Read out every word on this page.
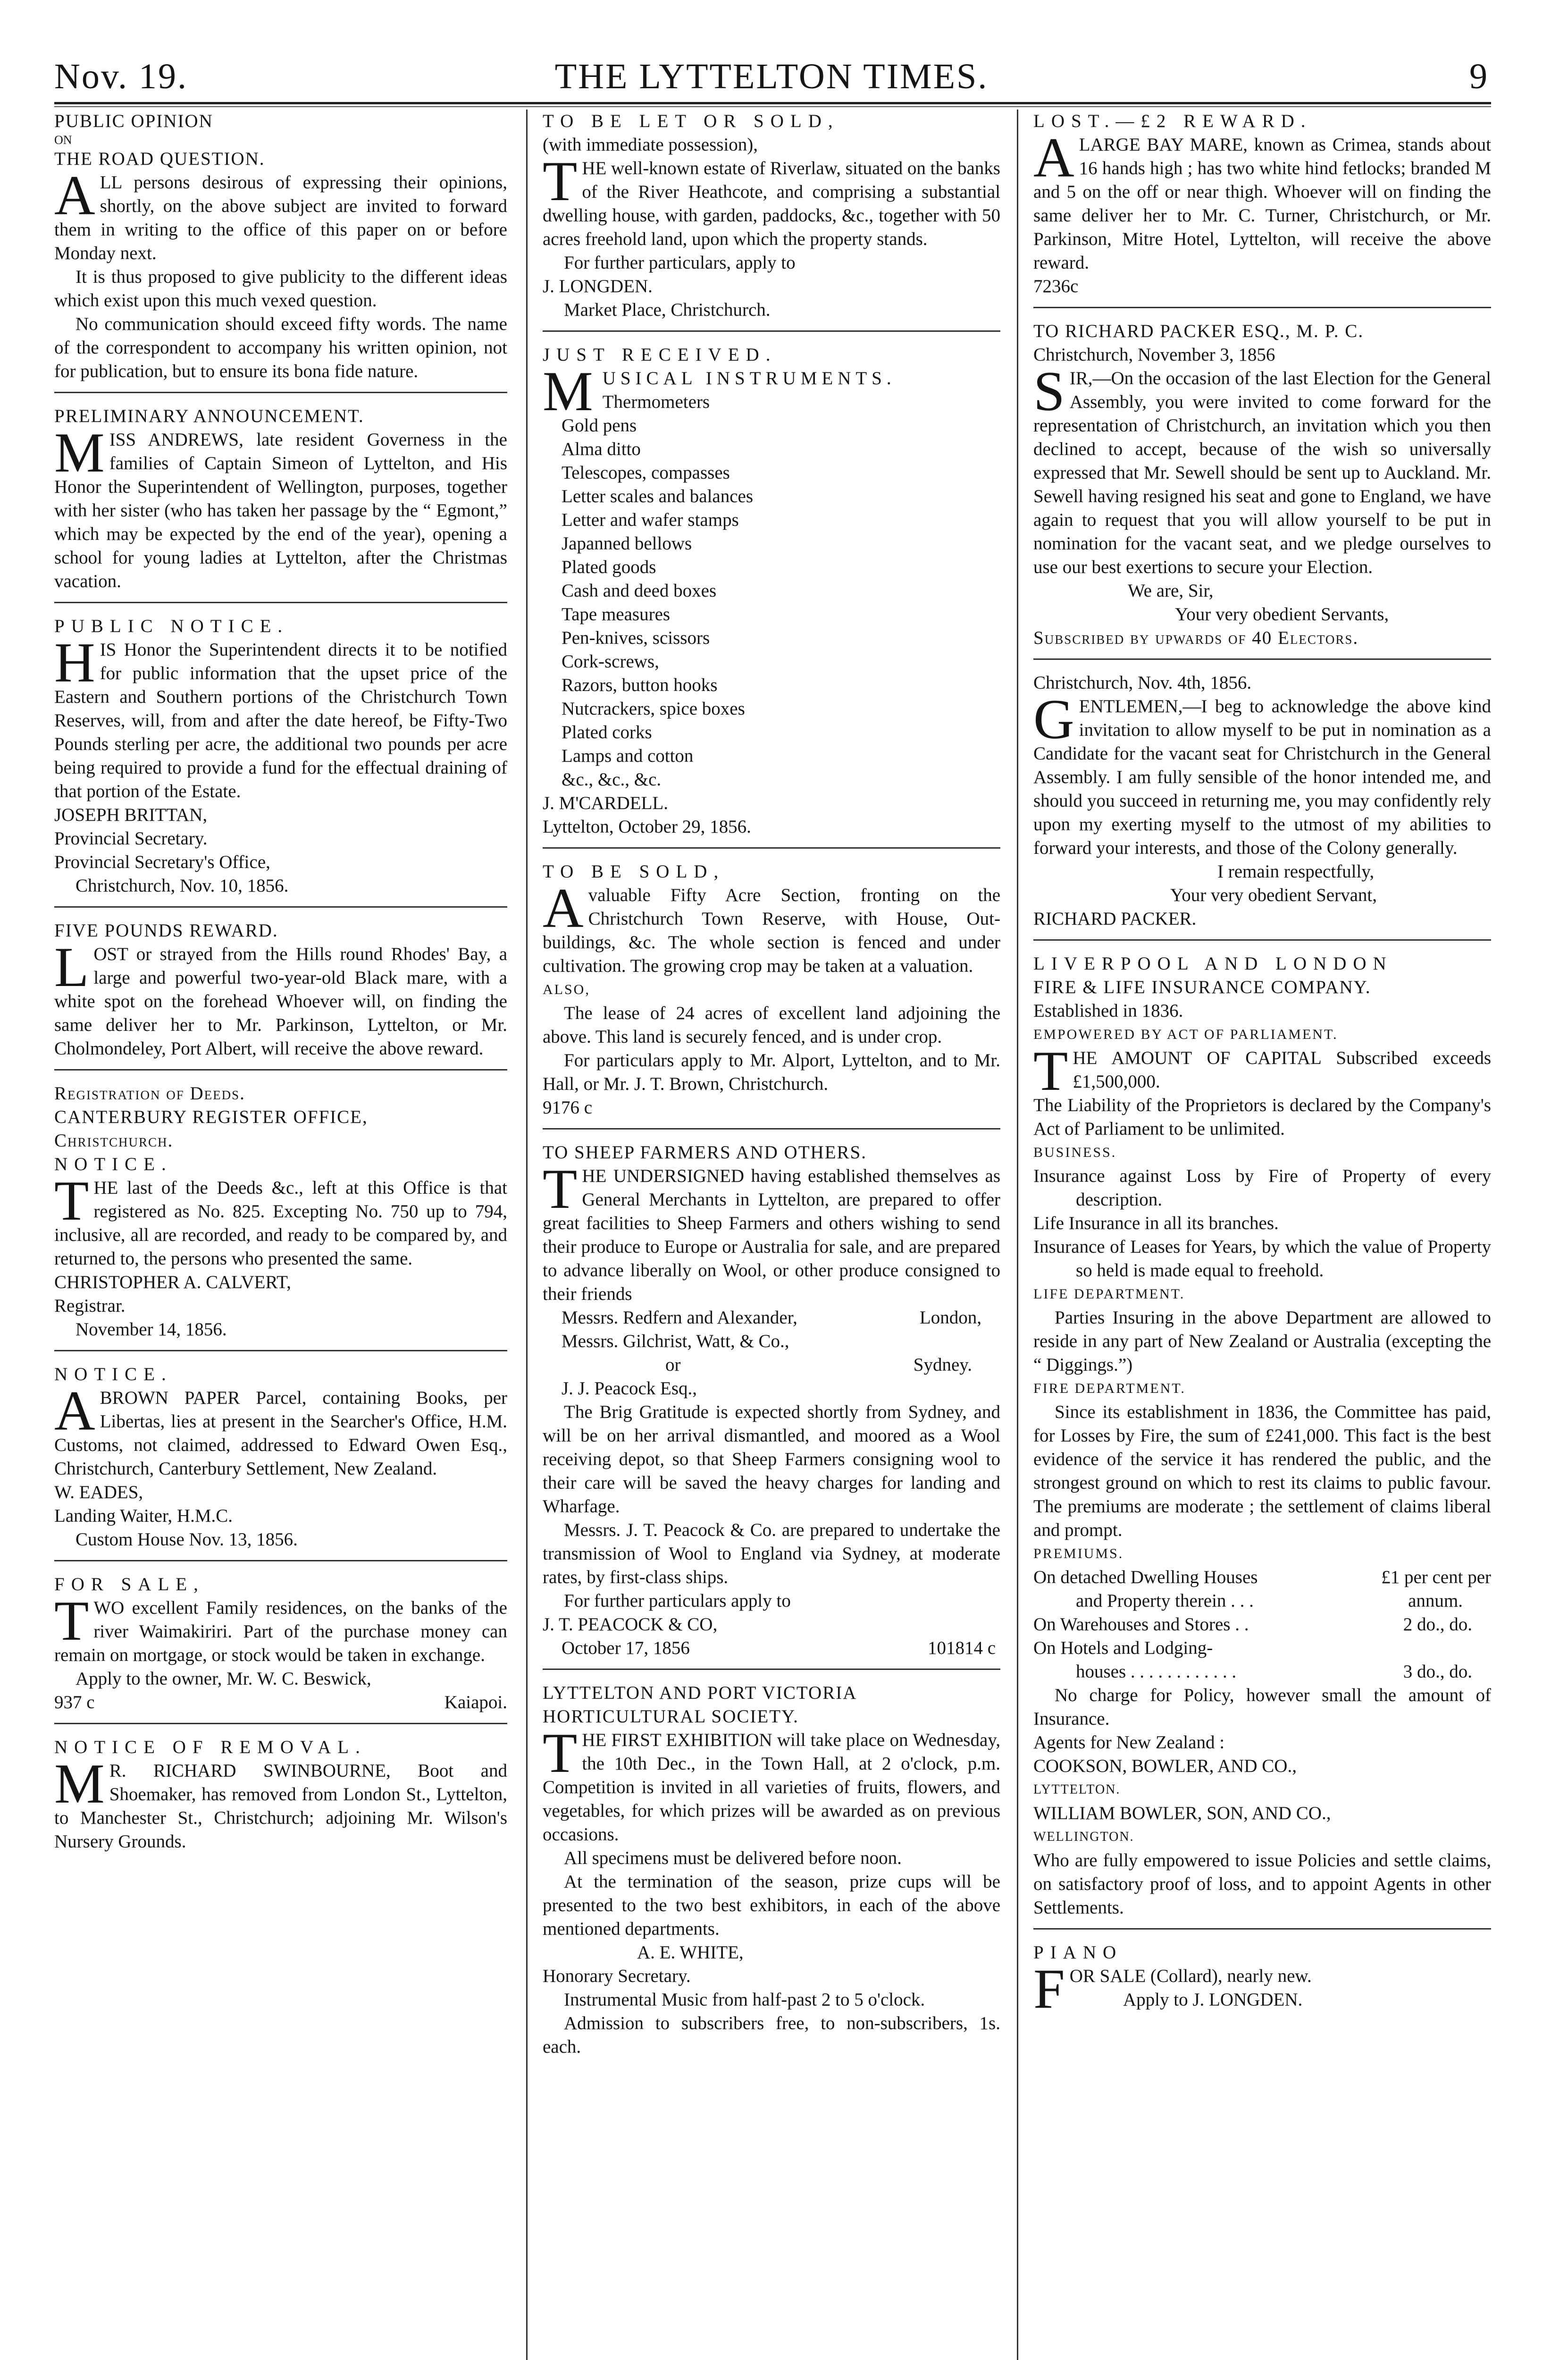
THE LYTTELTON TIMES.
Nov. 19.	9

PUBLIC OPINION

ON

THE ROAD QUESTION.

ALL persons desirous of expressing their opinions, shortly, on the above subject are invited to forward them in writing to the office of this paper on or before Monday next.

It is thus proposed to give publicity to the different ideas which exist upon this much vexed question.

No communication should exceed fifty words. The name of the correspondent to accompany his written opinion, not for publication, but to ensure its bona fide nature.

PRELIMINARY ANNOUNCEMENT.

MISS ANDREWS, late resident Governess in the families of Captain Simeon of Lyttelton, and His Honor the Superintendent of Wellington, purposes, together with her sister (who has taken her passage by the “ Egmont,” which may be expected by the end of the year), opening a school for young ladies at Lyttelton, after the Christmas vacation.

PUBLIC NOTICE.

HIS Honor the Superintendent directs it to be notified for public information that the upset price of the Eastern and Southern portions of the Christchurch Town Reserves, will, from and after the date hereof, be Fifty-Two Pounds sterling per acre, the additional two pounds per acre being required to provide a fund for the effectual draining of that portion of the Estate.

JOSEPH BRITTAN,

Provincial Secretary.

Provincial Secretary's Office,

Christchurch, Nov. 10, 1856.

FIVE POUNDS REWARD.

LOST or strayed from the Hills round Rhodes' Bay, a large and powerful two-year-old Black mare, with a white spot on the forehead Whoever will, on finding the same deliver her to Mr. Parkinson, Lyttelton, or Mr. Cholmondeley, Port Albert, will receive the above reward.

Registration of Deeds.

CANTERBURY REGISTER OFFICE,

Christchurch.

NOTICE.

THE last of the Deeds &c., left at this Office is that registered as No. 825. Excepting No. 750 up to 794, inclusive, all are recorded, and ready to be compared by, and returned to, the persons who presented the same.

CHRISTOPHER A. CALVERT,

Registrar.

November 14, 1856.

NOTICE.

ABROWN PAPER Parcel, containing Books, per Libertas, lies at present in the Searcher's Office, H.M. Customs, not claimed, addressed to Edward Owen Esq., Christchurch, Canterbury Settlement, New Zealand.

W. EADES,

Landing Waiter, H.M.C.

Custom House Nov. 13, 1856.

FOR SALE,

TWO excellent Family residences, on the banks of the river Waimakiriri. Part of the purchase money can remain on mortgage, or stock would be taken in exchange.

Apply to the owner, Mr. W. C. Beswick,

937 c	Kaiapoi.

NOTICE OF REMOVAL.

M R. RICHARD SWINBOURNE, Boot and Shoemaker, has removed from London St., Lyttelton, to Manchester St., Christchurch; adjoining Mr. Wilson's Nursery Grounds.

TO BE LET OR SOLD,

(with immediate possession),

THE well-known estate of Riverlaw, situated on the banks of the River Heathcote, and comprising a substantial dwelling house, with garden, paddocks, &c., together with 50 acres freehold land, upon which the property stands.

For further particulars, apply to

J. LONGDEN.

Market Place, Christchurch.

JUST RECEIVED.

MUSICAL INSTRUMENTS.

Thermometers

Gold pens

Alma ditto

Telescopes, compasses

Letter scales and balances

Letter and wafer stamps

Japanned bellows

Plated goods

Cash and deed boxes

Tape measures

Pen-knives, scissors

Cork-screws,

Razors, button hooks

Nutcrackers, spice boxes

Plated corks

Lamps and cotton

&c., &c., &c.

J. M'CARDELL.

Lyttelton, October 29, 1856.

TO BE SOLD,

Avaluable Fifty Acre Section, fronting on the Christchurch Town Reserve, with House, Out-buildings, &c. The whole section is fenced and under cultivation. The growing crop may be taken at a valuation.

ALSO,

The lease of 24 acres of excellent land adjoining the above. This land is securely fenced, and is under crop.

For particulars apply to Mr. Alport, Lyttelton, and to Mr. Hall, or Mr. J. T. Brown, Christchurch.

9176 c

TO SHEEP FARMERS AND OTHERS.

THE UNDERSIGNED having established themselves as General Merchants in Lyttelton, are prepared to offer great facilities to Sheep Farmers and others wishing to send their produce to Europe or Australia for sale, and are prepared to advance liberally on Wool, or other produce consigned to their friends

Messrs. Redfern and Alexander,	London,
Messrs. Gilchrist, Watt, & Co.,
or	Sydney.

J. J. Peacock Esq.,

The Brig Gratitude is expected shortly from Sydney, and will be on her arrival dismantled, and moored as a Wool receiving depot, so that Sheep Farmers consigning wool to their care will be saved the heavy charges for landing and Wharfage.

Messrs. J. T. Peacock & Co. are prepared to undertake the transmission of Wool to England via Sydney, at moderate rates, by first-class ships.

For further particulars apply to

J. T. PEACOCK & CO,

October 17, 1856	101814 c

LYTTELTON AND PORT VICTORIA

HORTICULTURAL SOCIETY.

THE FIRST EXHIBITION will take place on Wednesday, the 10th Dec., in the Town Hall, at 2 o'clock, p.m. Competition is invited in all varieties of fruits, flowers, and vegetables, for which prizes will be awarded as on previous occasions.

All specimens must be delivered before noon.

At the termination of the season, prize cups will be presented to the two best exhibitors, in each of the above mentioned departments.

A. E. WHITE,

Honorary Secretary.

Instrumental Music from half-past 2 to 5 o'clock.

Admission to subscribers free, to non-subscribers, 1s. each.

LOST.—£2 REWARD.

ALARGE BAY MARE, known as Crimea, stands about 16 hands high ; has two white hind fetlocks; branded M and 5 on the off or near thigh. Whoever will on finding the same deliver her to Mr. C. Turner, Christchurch, or Mr. Parkinson, Mitre Hotel, Lyttelton, will receive the above reward.

7236c

TO RICHARD PACKER ESQ., M. P. C.

Christchurch, November 3, 1856

SIR,—On the occasion of the last Election for the General Assembly, you were invited to come forward for the representation of Christchurch, an invitation which you then declined to accept, because of the wish so universally expressed that Mr. Sewell should be sent up to Auckland. Mr. Sewell having resigned his seat and gone to England, we have again to request that you will allow yourself to be put in nomination for the vacant seat, and we pledge ourselves to use our best exertions to secure your Election.

We are, Sir,

Your very obedient Servants,

Subscribed by upwards of 40 Electors.

Christchurch, Nov. 4th, 1856.

GENTLEMEN,—I beg to acknowledge the above kind invitation to allow myself to be put in nomination as a Candidate for the vacant seat for Christchurch in the General Assembly. I am fully sensible of the honor intended me, and should you succeed in returning me, you may confidently rely upon my exerting myself to the utmost of my abilities to forward your interests, and those of the Colony generally.

I remain respectfully,

Your very obedient Servant,

RICHARD PACKER.

LIVERPOOL AND LONDON

FIRE & LIFE INSURANCE COMPANY.

Established in 1836.

EMPOWERED BY ACT OF PARLIAMENT.

THE AMOUNT OF CAPITAL Subscribed exceeds £1,500,000.

The Liability of the Proprietors is declared by the Company's Act of Parliament to be unlimited.

BUSINESS.

Insurance against Loss by Fire of Property of every description.

Life Insurance in all its branches.

Insurance of Leases for Years, by which the value of Property so held is made equal to freehold.

LIFE DEPARTMENT.

Parties Insuring in the above Department are allowed to reside in any part of New Zealand or Australia (excepting the “ Diggings.”)

FIRE DEPARTMENT.

Since its establishment in 1836, the Committee has paid, for Losses by Fire, the sum of £241,000. This fact is the best evidence of the service it has rendered the public, and the strongest ground on which to rest its claims to public favour. The premiums are moderate ; the settlement of claims liberal and prompt.

PREMIUMS.

On detached Dwelling Houses	£1 per cent per
and Property therein . . .	annum.
On Warehouses and Stores . .	2 do., do.

On Hotels and Lodging-

houses . . . . . . . . . . . .	3 do., do.

No charge for Policy, however small the amount of Insurance.

Agents for New Zealand :

COOKSON, BOWLER, AND CO.,

LYTTELTON.

WILLIAM BOWLER, SON, AND CO.,

WELLINGTON.

Who are fully empowered to issue Policies and settle claims, on satisfactory proof of loss, and to appoint Agents in other Settlements.

PIANO

FOR SALE (Collard), nearly new.

Apply to J. LONGDEN.
